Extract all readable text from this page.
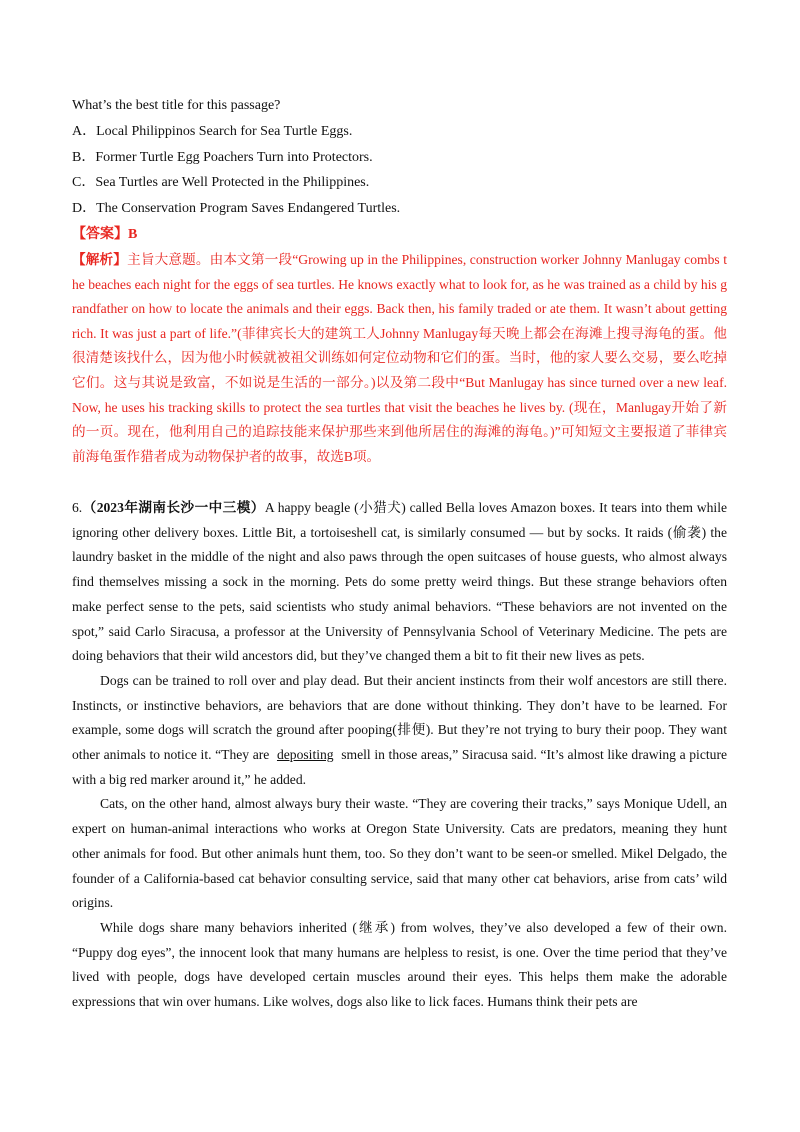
What’s the best title for this passage?
A．Local Philippinos Search for Sea Turtle Eggs.
B．Former Turtle Egg Poachers Turn into Protectors.
C．Sea Turtles are Well Protected in the Philippines.
D．The Conservation Program Saves Endangered Turtles.
【答案】B
【解析】主旨大意题。由本文第一段“Growing up in the Philippines, construction worker Johnny Manlugay combs the beaches each night for the eggs of sea turtles. He knows exactly what to look for, as he was trained as a child by his grandfather on how to locate the animals and their eggs. Back then, his family traded or ate them. It wasn’t about getting rich. It was just a part of life.”(菲律宾长大的建筑工人Johnny Manlugay每天晚上都会在海滩上搜寻海龟的蛋。他很清楚该找什么，因为他小时候就被祖父训练如何定位动物和它们的蛋。当时，他的家人要么交易，要么吃掉它们。这与其说是致富，不如说是生活的一部分。)以及第二段中“But Manlugay has since turned over a new leaf. Now, he uses his tracking skills to protect the sea turtles that visit the beaches he lives by. (现在，Manlugay开始了新的一页。现在，他利用自己的追踪技能来保护那些来到他所居住的海滩的海龟。)”可知短文主要报道了菲律宾前海龟蛋作猎者成为动物保护者的故事，故选B项。

6.（2023年湖南长沙一中三模）A happy beagle (小猎犬) called Bella loves Amazon boxes. It tears into them while ignoring other delivery boxes. Little Bit, a tortoiseshell cat, is similarly consumed — but by socks. It raids (偷袭) the laundry basket in the middle of the night and also paws through the open suitcases of house guests, who almost always find themselves missing a sock in the morning. Pets do some pretty weird things. But these strange behaviors often make perfect sense to the pets, said scientists who study animal behaviors. “These behaviors are not invented on the spot,” said Carlo Siracusa, a professor at the University of Pennsylvania School of Veterinary Medicine. The pets are doing behaviors that their wild ancestors did, but they’ve changed them a bit to fit their new lives as pets.

Dogs can be trained to roll over and play dead. But their ancient instincts from their wolf ancestors are still there. Instincts, or instinctive behaviors, are behaviors that are done without thinking. They don’t have to be learned. For example, some dogs will scratch the ground after pooping(排便). But they’re not trying to bury their poop. They want other animals to notice it. “They are depositing smell in those areas,” Siracusa said. “It’s almost like drawing a picture with a big red marker around it,” he added.

Cats, on the other hand, almost always bury their waste. “They are covering their tracks,” says Monique Udell, an expert on human-animal interactions who works at Oregon State University. Cats are predators, meaning they hunt other animals for food. But other animals hunt them, too. So they don’t want to be seen-or smelled. Mikel Delgado, the founder of a California-based cat behavior consulting service, said that many other cat behaviors, arise from cats’ wild origins.

While dogs share many behaviors inherited (继承) from wolves, they’ve also developed a few of their own. “Puppy dog eyes”, the innocent look that many humans are helpless to resist, is one. Over the time period that they’ve lived with people, dogs have developed certain muscles around their eyes. This helps them make the adorable expressions that win over humans. Like wolves, dogs also like to lick faces. Humans think their pets are
